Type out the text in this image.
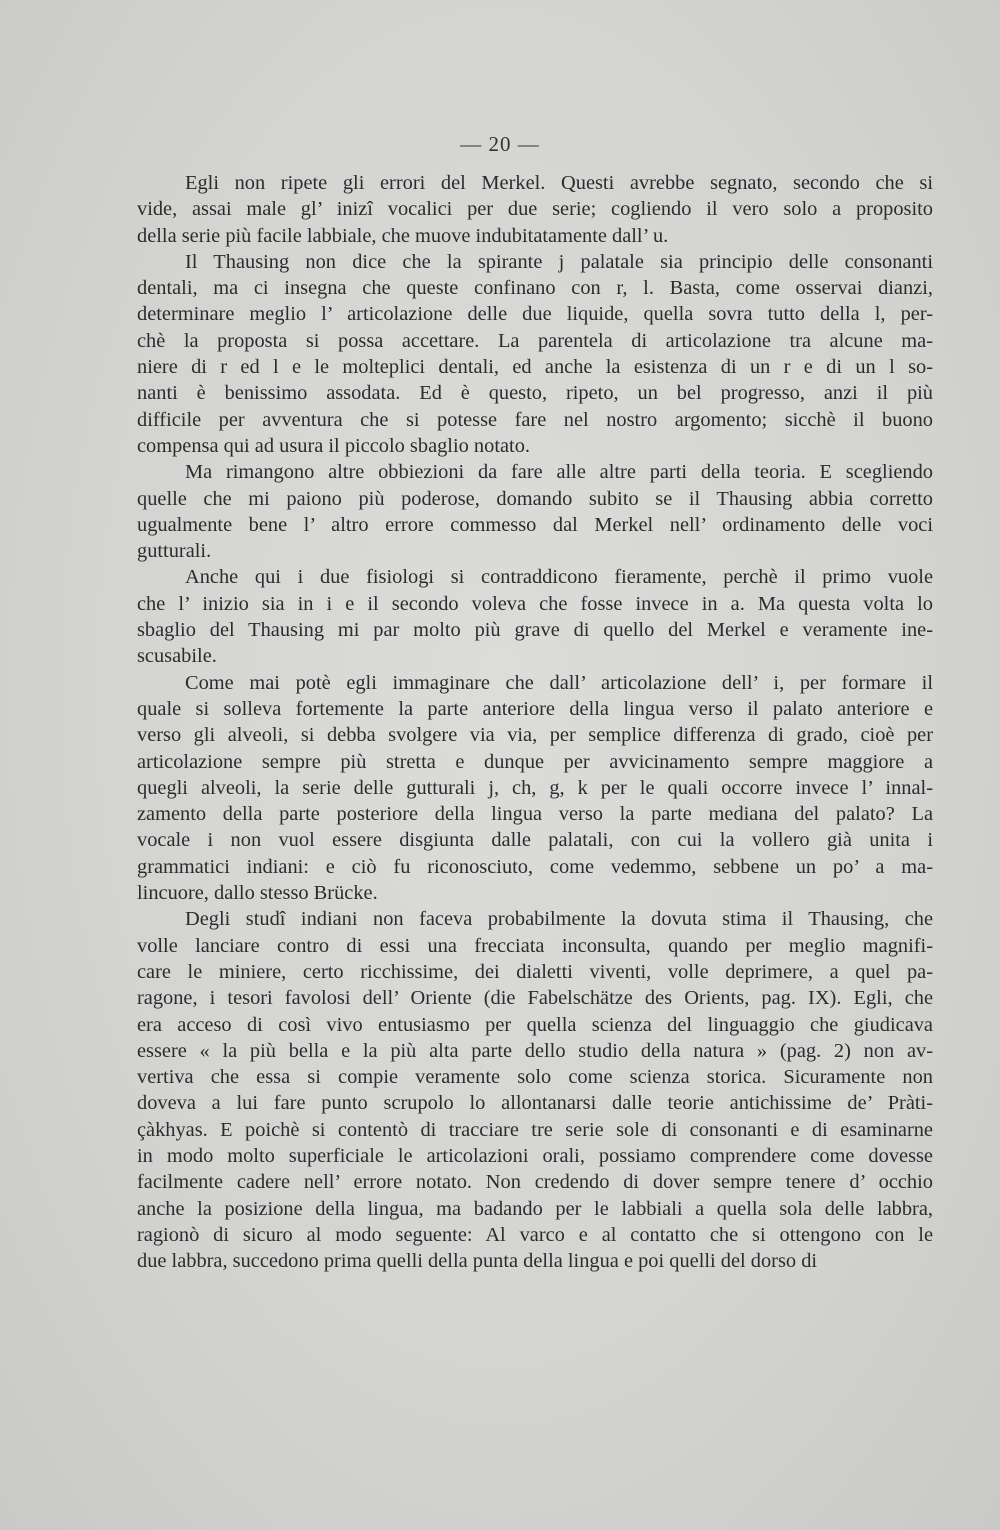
— 20 —
Egli non ripete gli errori del Merkel. Questi avrebbe segnato, secondo che si
vide, assai male gl’ inizî vocalici per due serie; cogliendo il vero solo a proposito
della serie più facile labbiale, che muove indubitatamente dall’ u.
Il Thausing non dice che la spirante j palatale sia principio delle consonanti
dentali, ma ci insegna che queste confinano con r, l. Basta, come osservai dianzi,
determinare meglio l’ articolazione delle due liquide, quella sovra tutto della l, per-
chè la proposta si possa accettare. La parentela di articolazione tra alcune ma-
niere di r ed l e le molteplici dentali, ed anche la esistenza di un r e di un l so-
nanti è benissimo assodata. Ed è questo, ripeto, un bel progresso, anzi il più
difficile per avventura che si potesse fare nel nostro argomento; sicchè il buono
compensa qui ad usura il piccolo sbaglio notato.
Ma rimangono altre obbiezioni da fare alle altre parti della teoria. E scegliendo
quelle che mi paiono più poderose, domando subito se il Thausing abbia corretto
ugualmente bene l’ altro errore commesso dal Merkel nell’ ordinamento delle voci
gutturali.
Anche qui i due fisiologi si contraddicono fieramente, perchè il primo vuole
che l’ inizio sia in i e il secondo voleva che fosse invece in a. Ma questa volta lo
sbaglio del Thausing mi par molto più grave di quello del Merkel e veramente ine-
scusabile.
Come mai potè egli immaginare che dall’ articolazione dell’ i, per formare il
quale si solleva fortemente la parte anteriore della lingua verso il palato anteriore e
verso gli alveoli, si debba svolgere via via, per semplice differenza di grado, cioè per
articolazione sempre più stretta e dunque per avvicinamento sempre maggiore a
quegli alveoli, la serie delle gutturali j, ch, g, k per le quali occorre invece l’ innal-
zamento della parte posteriore della lingua verso la parte mediana del palato? La
vocale i non vuol essere disgiunta dalle palatali, con cui la vollero già unita i
grammatici indiani: e ciò fu riconosciuto, come vedemmo, sebbene un po’ a ma-
lincuore, dallo stesso Brücke.
Degli studî indiani non faceva probabilmente la dovuta stima il Thausing, che
volle lanciare contro di essi una frecciata inconsulta, quando per meglio magnifi-
care le miniere, certo ricchissime, dei dialetti viventi, volle deprimere, a quel pa-
ragone, i tesori favolosi dell’ Oriente (die Fabelschätze des Orients, pag. IX). Egli, che
era acceso di così vivo entusiasmo per quella scienza del linguaggio che giudicava
essere « la più bella e la più alta parte dello studio della natura » (pag. 2) non av-
vertiva che essa si compie veramente solo come scienza storica. Sicuramente non
doveva a lui fare punto scrupolo lo allontanarsi dalle teorie antichissime de’ Pràti-
çàkhyas. E poichè si contentò di tracciare tre serie sole di consonanti e di esaminarne
in modo molto superficiale le articolazioni orali, possiamo comprendere come dovesse
facilmente cadere nell’ errore notato. Non credendo di dover sempre tenere d’ occhio
anche la posizione della lingua, ma badando per le labbiali a quella sola delle labbra,
ragionò di sicuro al modo seguente: Al varco e al contatto che si ottengono con le
due labbra, succedono prima quelli della punta della lingua e poi quelli del dorso di
